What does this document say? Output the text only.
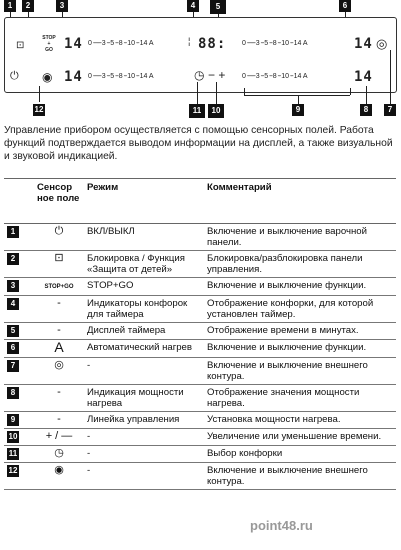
1	2	3	4	5	6
⊡
STOP
+
GO 14 0 ------ 3 -- 5 -- 8 -- 10 -- 14 A	¦ 88: 0 ------ 3 -- 5 -- 8 -- 10 -- 14 A	14 ◎
⏻ ◉ 14 0 ------ 3 -- 5 -- 8 -- 10 -- 14 A	◷ − + 0 ------ 3 -- 5 -- 8 -- 10 -- 14 A	14
12	11	10	9	8	7

Управление прибором осуществляется с помощью сенсорных полей. Работа функций подтверждается выводом информации на дисплей, а также визуальной и звуковой индикацией.

	Сенсор ное поле	Режим	Комментарий
1	⏻	ВКЛ/ВЫКЛ	Включение и выключение варочной панели.
2	⊡	Блокировка / Функция «Защита от детей»	Блокировка/разблокировка панели управления.
3	STOP+GO	STOP+GO	Включение и выключение функции.
4	-	Индикаторы конфорок для таймера	Отображение конфорки, для которой установлен таймер.
5	-	Дисплей таймера	Отображение времени в минутах.
6	A	Автоматический нагрев	Включение и выключение функции.
7	◎	-	Включение и выключение внешнего контура.
8	-	Индикация мощности нагрева	Отображение значения мощности нагрева.
9	-	Линейка управления	Установка мощности нагрева.
10	+ / —	-	Увеличение или уменьшение времени.
11	◷	-	Выбор конфорки
12	◉	-	Включение и выключение внешнего контура.
point48.ru
